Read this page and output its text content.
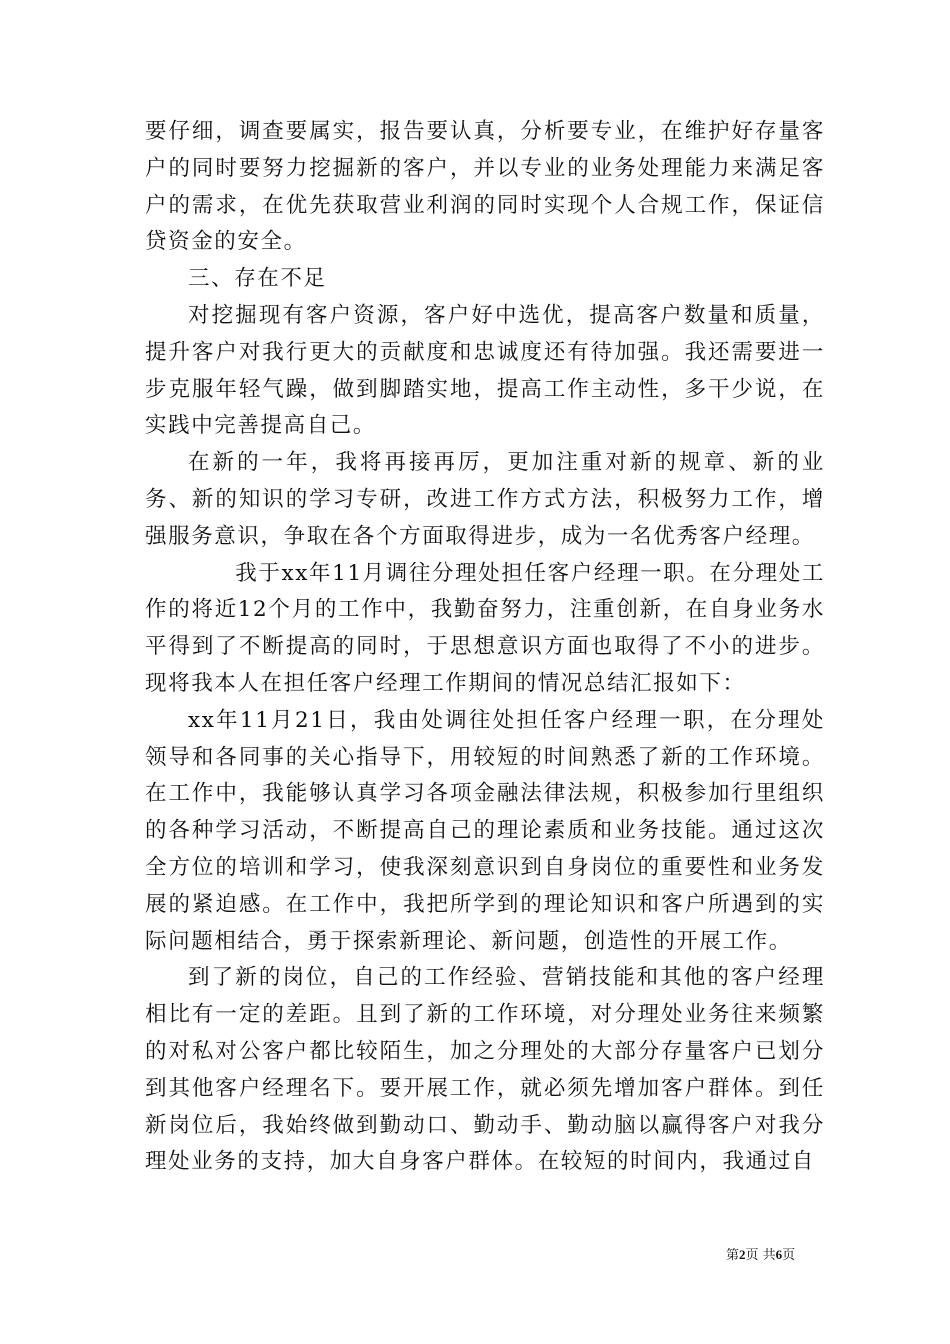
要仔细，调查要属实，报告要认真，分析要专业，在维护好存量客户的同时要努力挖掘新的客户，并以专业的业务处理能力来满足客户的需求，在优先获取营业利润的同时实现个人合规工作，保证信贷资金的安全。

三、存在不足

对挖掘现有客户资源，客户好中选优，提高客户数量和质量，提升客户对我行更大的贡献度和忠诚度还有待加强。我还需要进一步克服年轻气躁，做到脚踏实地，提高工作主动性，多干少说，在实践中完善提高自己。

在新的一年，我将再接再厉，更加注重对新的规章、新的业务、新的知识的学习专研，改进工作方式方法，积极努力工作，增强服务意识，争取在各个方面取得进步，成为一名优秀客户经理。

我于xx年11月调往分理处担任客户经理一职。在分理处工作的将近12个月的工作中，我勤奋努力，注重创新，在自身业务水平得到了不断提高的同时，于思想意识方面也取得了不小的进步。现将我本人在担任客户经理工作期间的情况总结汇报如下：

xx年11月21日，我由处调往处担任客户经理一职，在分理处领导和各同事的关心指导下，用较短的时间熟悉了新的工作环境。在工作中，我能够认真学习各项金融法律法规，积极参加行里组织的各种学习活动，不断提高自己的理论素质和业务技能。通过这次全方位的培训和学习，使我深刻意识到自身岗位的重要性和业务发展的紧迫感。在工作中，我把所学到的理论知识和客户所遇到的实际问题相结合，勇于探索新理论、新问题，创造性的开展工作。

到了新的岗位，自己的工作经验、营销技能和其他的客户经理相比有一定的差距。且到了新的工作环境，对分理处业务往来频繁的对私对公客户都比较陌生，加之分理处的大部分存量客户已划分到其他客户经理名下。要开展工作，就必须先增加客户群体。到任新岗位后，我始终做到勤动口、勤动手、勤动脑以赢得客户对我分理处业务的支持，加大自身客户群体。在较短的时间内，我通过自

第2页 共6页
